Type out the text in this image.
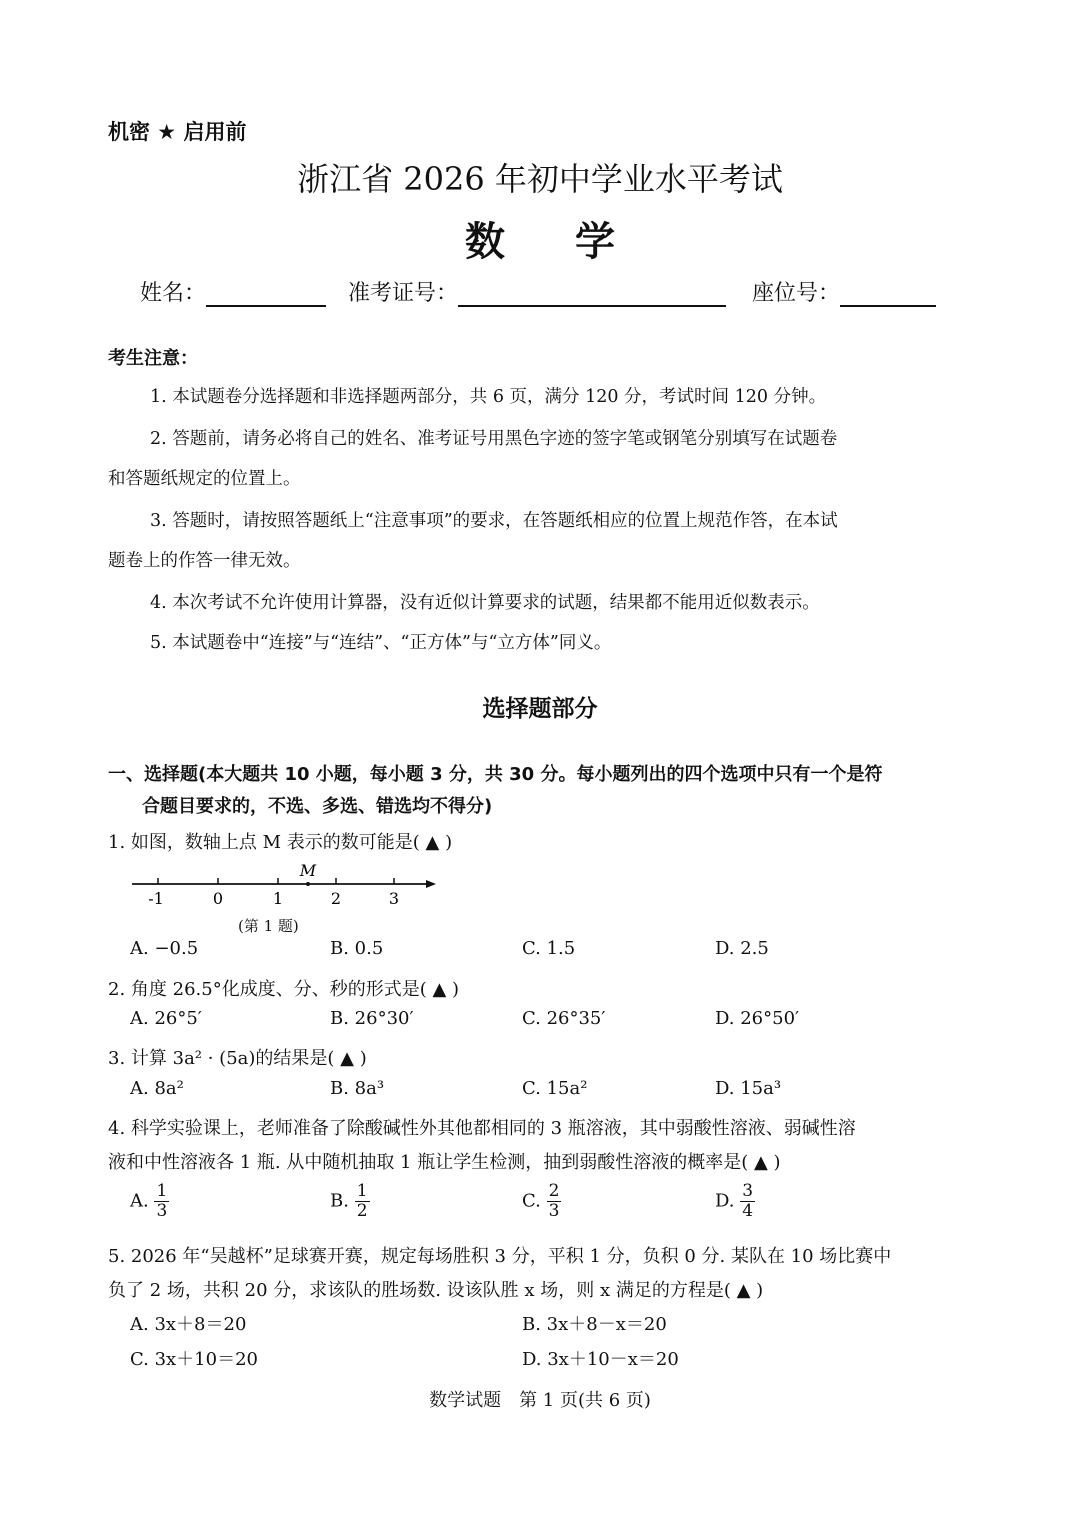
机密 ★ 启用前
浙江省 2026 年初中学业水平考试
数学
姓名：	准考证号：	座位号：
考生注意：
1. 本试题卷分选择题和非选择题两部分，共 6 页，满分 120 分，考试时间 120 分钟。
2. 答题前，请务必将自己的姓名、准考证号用黑色字迹的签字笔或钢笔分别填写在试题卷
和答题纸规定的位置上。
3. 答题时，请按照答题纸上“注意事项”的要求，在答题纸相应的位置上规范作答，在本试
题卷上的作答一律无效。
4. 本次考试不允许使用计算器，没有近似计算要求的试题，结果都不能用近似数表示。
5. 本试题卷中“连接”与“连结”、“正方体”与“立方体”同义。
选择题部分
一、选择题(本大题共 10 小题，每小题 3 分，共 30 分。每小题列出的四个选项中只有一个是符
合题目要求的，不选、多选、错选均不得分)
1. 如图，数轴上点 M 表示的数可能是( ▲ )
M
-1	0	1	2	3
(第 1 题)
A. −0.5	B. 0.5	C. 1.5	D. 2.5
2. 角度 26.5°化成度、分、秒的形式是( ▲ )
A. 26°5′	B. 26°30′	C. 26°35′	D. 26°50′
3. 计算 3a² · (5a)的结果是( ▲ )
A. 8a²	B. 8a³	C. 15a²	D. 15a³
4. 科学实验课上，老师准备了除酸碱性外其他都相同的 3 瓶溶液，其中弱酸性溶液、弱碱性溶
液和中性溶液各 1 瓶. 从中随机抽取 1 瓶让学生检测，抽到弱酸性溶液的概率是( ▲ )
A. $\frac{1}{3}$	B. $\frac{1}{2}$	C. $\frac{2}{3}$	D. $\frac{3}{4}$
5. 2026 年“吴越杯”足球赛开赛，规定每场胜积 3 分，平积 1 分，负积 0 分. 某队在 10 场比赛中
负了 2 场，共积 20 分，求该队的胜场数. 设该队胜 x 场，则 x 满足的方程是( ▲ )
A. 3x＋8＝20	B. 3x＋8－x＝20
C. 3x＋10＝20	D. 3x＋10－x＝20
数学试题　第 1 页(共 6 页)
